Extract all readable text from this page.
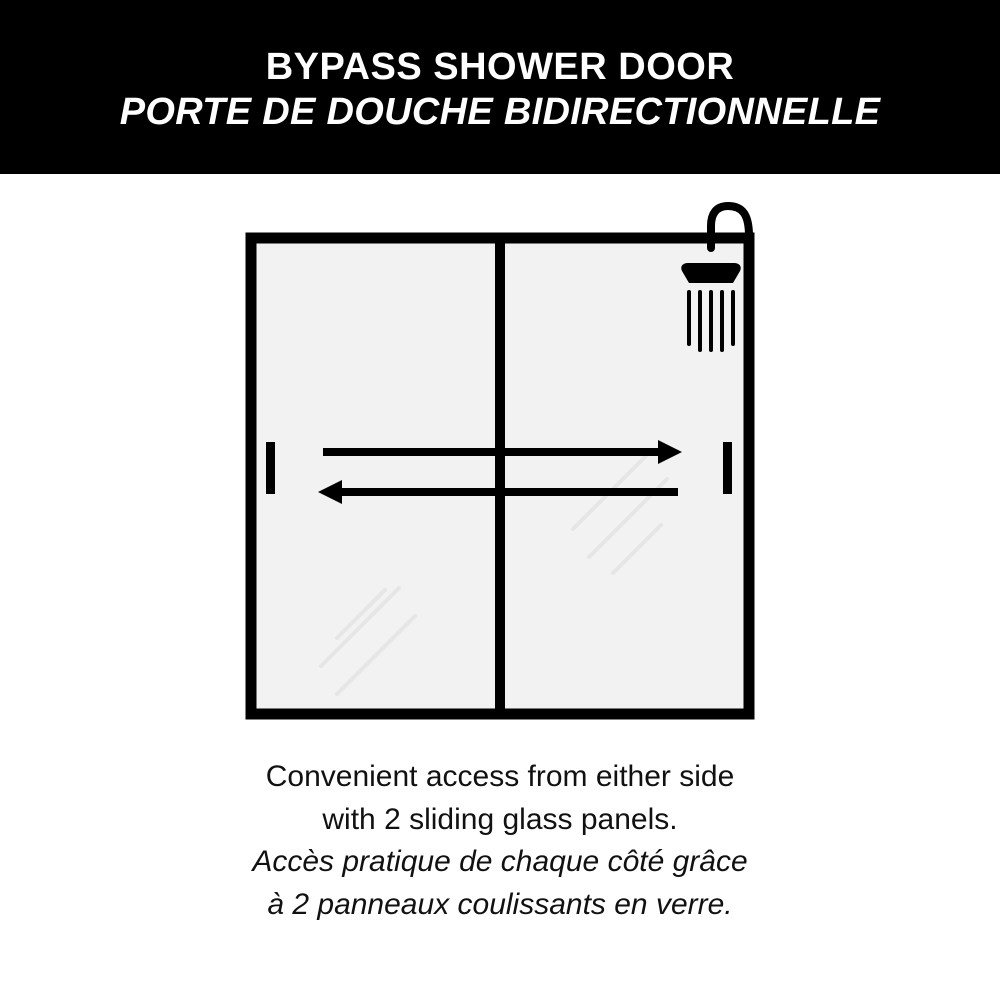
BYPASS SHOWER DOOR
PORTE DE DOUCHE BIDIRECTIONNELLE
Convenient access from either side
with 2 sliding glass panels.
Accès pratique de chaque côté grâce
à 2 panneaux coulissants en verre.
